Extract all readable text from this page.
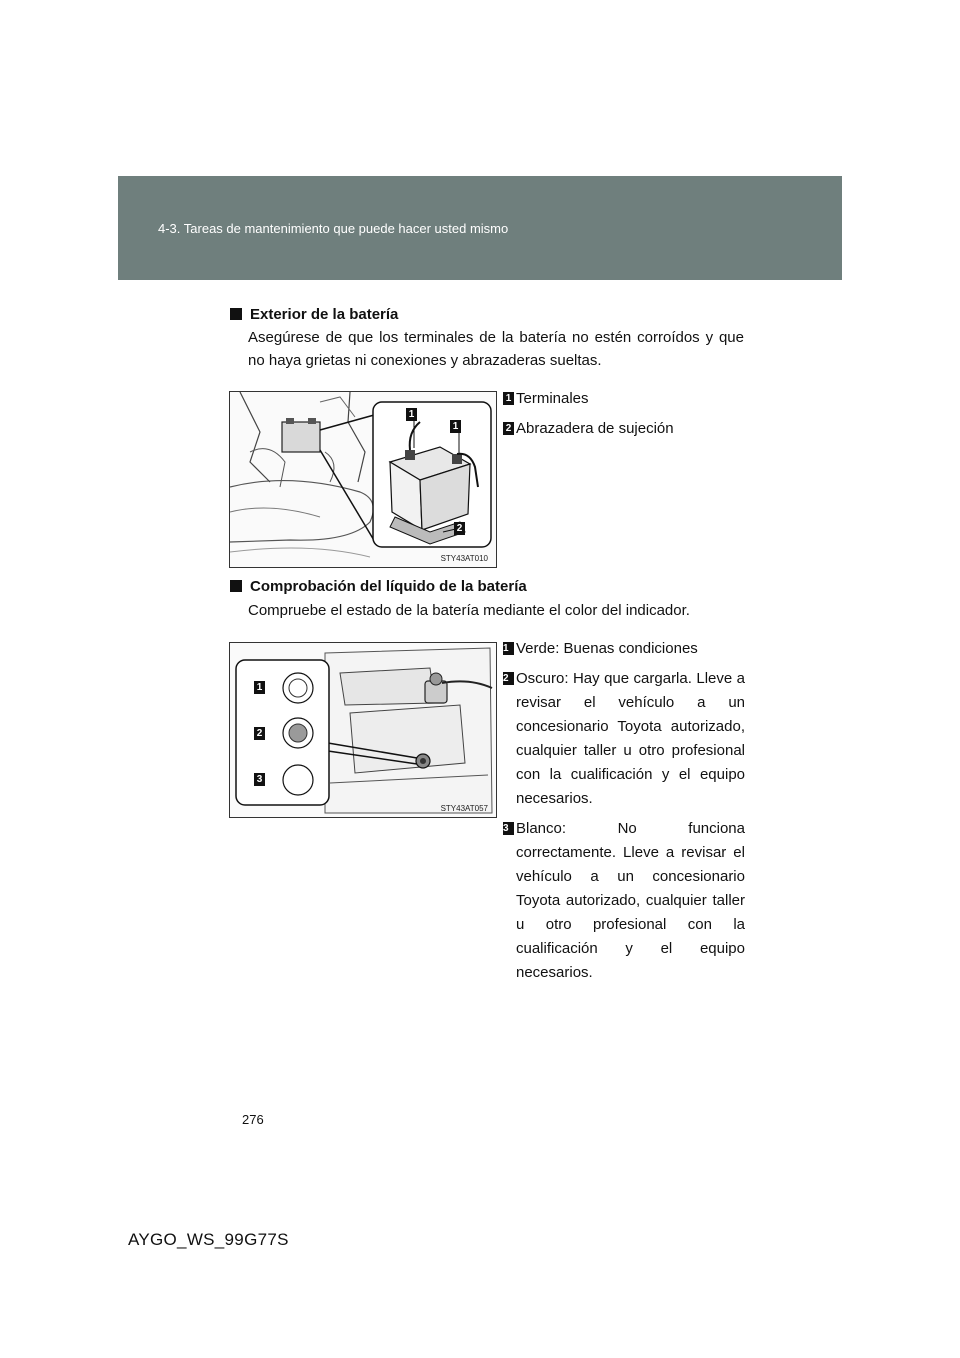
4-3. Tareas de mantenimiento que puede hacer usted mismo
Exterior de la batería
Asegúrese de que los terminales de la batería no estén corroídos y que no haya grietas ni conexiones y abrazaderas sueltas.
1
1
2
STY43AT010
1 Terminales
2 Abrazadera de sujeción
Comprobación del líquido de la batería
Compruebe el estado de la batería mediante el color del indicador.
1
2
3
STY43AT057
1 Verde: Buenas condiciones
2 Oscuro: Hay que cargarla. Lleve a revisar el vehículo a un concesionario Toyota autorizado, cualquier taller u otro profesional con la cualificación y el equipo necesarios.
3 Blanco: No funciona correctamente. Lleve a revisar el vehículo a un concesionario Toyota autorizado, cualquier taller u otro profesional con la cualificación y el equipo necesarios.
276
AYGO_WS_99G77S
